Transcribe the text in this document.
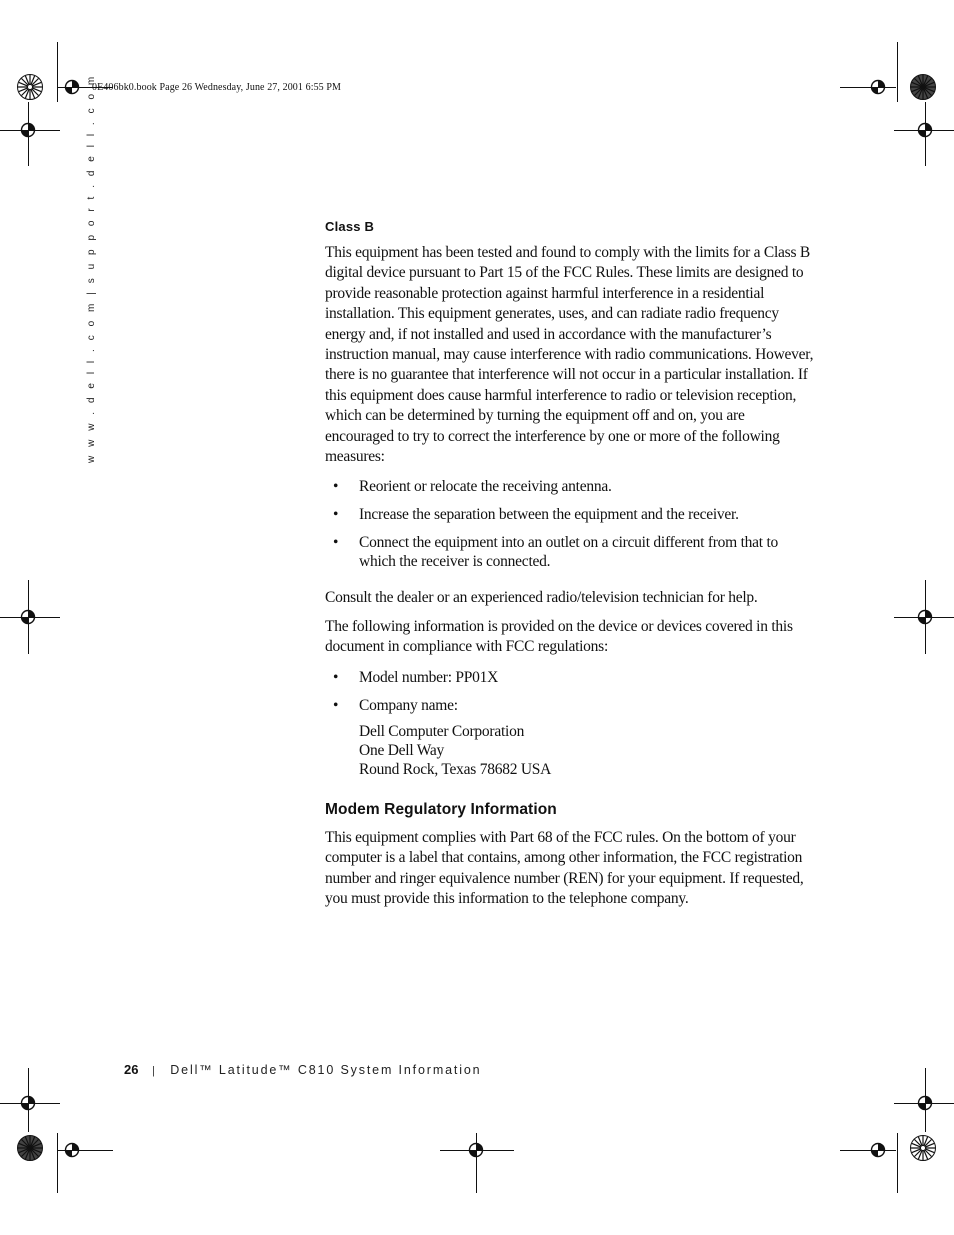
0E406bk0.book Page 26 Wednesday, June 27, 2001 6:55 PM
w w w . d e l l . c o m | s u p p o r t . d e l l . c o m	Class B

This equipment has been tested and found to comply with the limits for a Class B digital device pursuant to Part 15 of the FCC Rules. These limits are designed to provide reasonable protection against harmful interference in a residential installation. This equipment generates, uses, and can radiate radio frequency energy and, if not installed and used in accordance with the manufacturer’s instruction manual, may cause interference with radio communications. However, there is no guarantee that interference will not occur in a particular installation. If this equipment does cause harmful interference to radio or television reception, which can be determined by turning the equipment off and on, you are encouraged to try to correct the interference by one or more of the following measures:

• Reorient or relocate the receiving antenna.
• Increase the separation between the equipment and the receiver.
• Connect the equipment into an outlet on a circuit different from that to which the receiver is connected.

Consult the dealer or an experienced radio/television technician for help.

The following information is provided on the device or devices covered in this document in compliance with FCC regulations:

• Model number: PP01X
• Company name:
Dell Computer Corporation
One Dell Way
Round Rock, Texas 78682 USA
Modem Regulatory Information

This equipment complies with Part 68 of the FCC rules. On the bottom of your computer is a label that contains, among other information, the FCC registration number and ringer equivalence number (REN) for your equipment. If requested, you must provide this information to the telephone company.

26 | Dell™ Latitude™ C810 System Information
